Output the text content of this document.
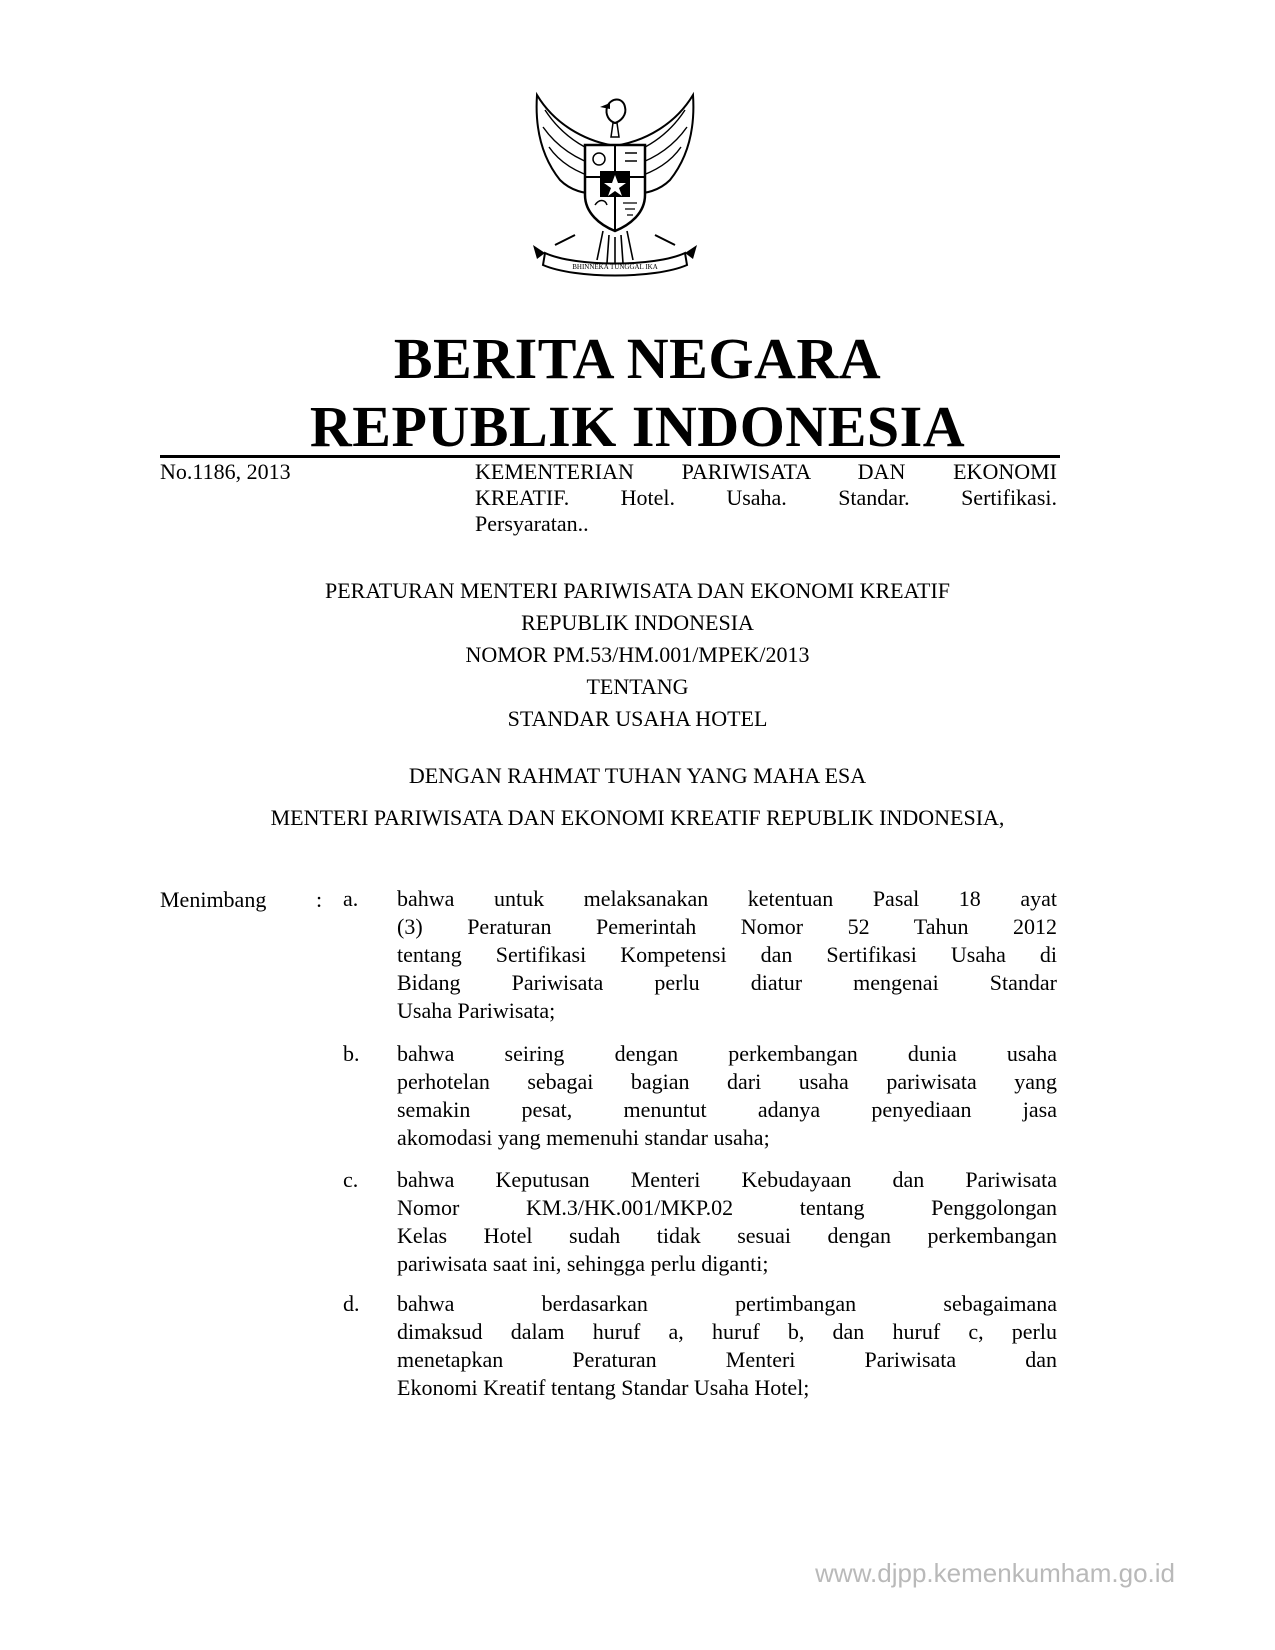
BHINNEKA TUNGGAL IKA
BERITA NEGARA
REPUBLIK INDONESIA
No.1186, 2013	KEMENTERIAN PARIWISATA DAN EKONOMI
KREATIF. Hotel. Usaha. Standar. Sertifikasi.
Persyaratan..
PERATURAN MENTERI PARIWISATA DAN EKONOMI KREATIF
REPUBLIK INDONESIA
NOMOR PM.53/HM.001/MPEK/2013
TENTANG
STANDAR USAHA HOTEL
DENGAN RAHMAT TUHAN YANG MAHA ESA
MENTERI PARIWISATA DAN EKONOMI KREATIF REPUBLIK INDONESIA,
Menimbang : a.	bahwa untuk melaksanakan ketentuan Pasal 18 ayat
(3) Peraturan Pemerintah Nomor 52 Tahun 2012
tentang Sertifikasi Kompetensi dan Sertifikasi Usaha di
Bidang Pariwisata perlu diatur mengenai Standar
Usaha Pariwisata;
b.	bahwa seiring dengan perkembangan dunia usaha
perhotelan sebagai bagian dari usaha pariwisata yang
semakin pesat, menuntut adanya penyediaan jasa
akomodasi yang memenuhi standar usaha;
c.	bahwa Keputusan Menteri Kebudayaan dan Pariwisata
Nomor KM.3/HK.001/MKP.02 tentang Penggolongan
Kelas Hotel sudah tidak sesuai dengan perkembangan
pariwisata saat ini, sehingga perlu diganti;
d.	bahwa berdasarkan pertimbangan sebagaimana
dimaksud dalam huruf a, huruf b, dan huruf c, perlu
menetapkan Peraturan Menteri Pariwisata dan
Ekonomi Kreatif tentang Standar Usaha Hotel;
www.djpp.kemenkumham.go.id
